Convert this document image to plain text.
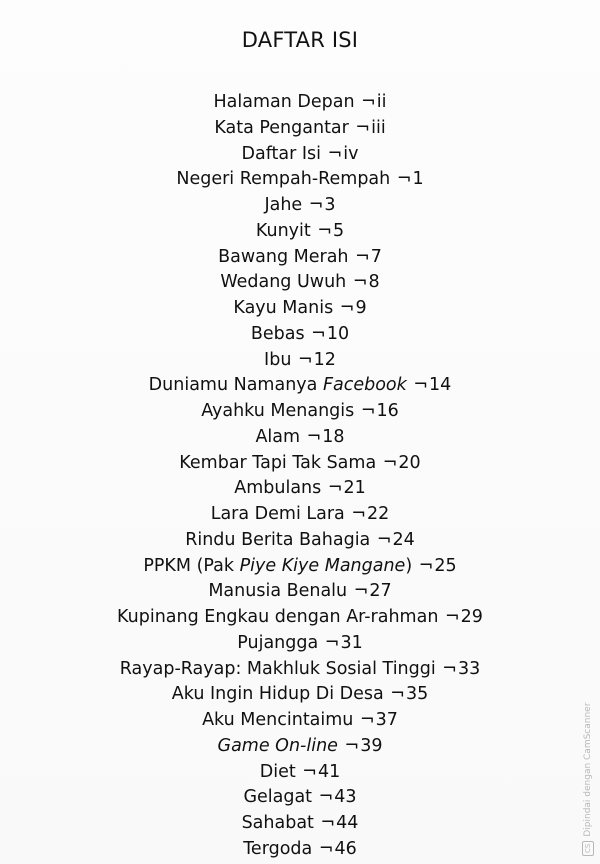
DAFTAR ISI
Halaman Depan ¬ii
Kata Pengantar ¬iii
Daftar Isi ¬iv
Negeri Rempah-Rempah ¬1
Jahe ¬3
Kunyit ¬5
Bawang Merah ¬7
Wedang Uwuh ¬8
Kayu Manis ¬9
Bebas ¬10
Ibu ¬12
Duniamu Namanya Facebook ¬14
Ayahku Menangis ¬16
Alam ¬18
Kembar Tapi Tak Sama ¬20
Ambulans ¬21
Lara Demi Lara ¬22
Rindu Berita Bahagia ¬24
PPKM (Pak Piye Kiye Mangane) ¬25
Manusia Benalu ¬27
Kupinang Engkau dengan Ar-rahman ¬29
Pujangga ¬31
Rayap-Rayap: Makhluk Sosial Tinggi ¬33
Aku Ingin Hidup Di Desa ¬35
Aku Mencintaimu ¬37
Game On-line ¬39
Diet ¬41
Gelagat ¬43
Sahabat ¬44
Tergoda ¬46	CSDipindai dengan CamScanner
